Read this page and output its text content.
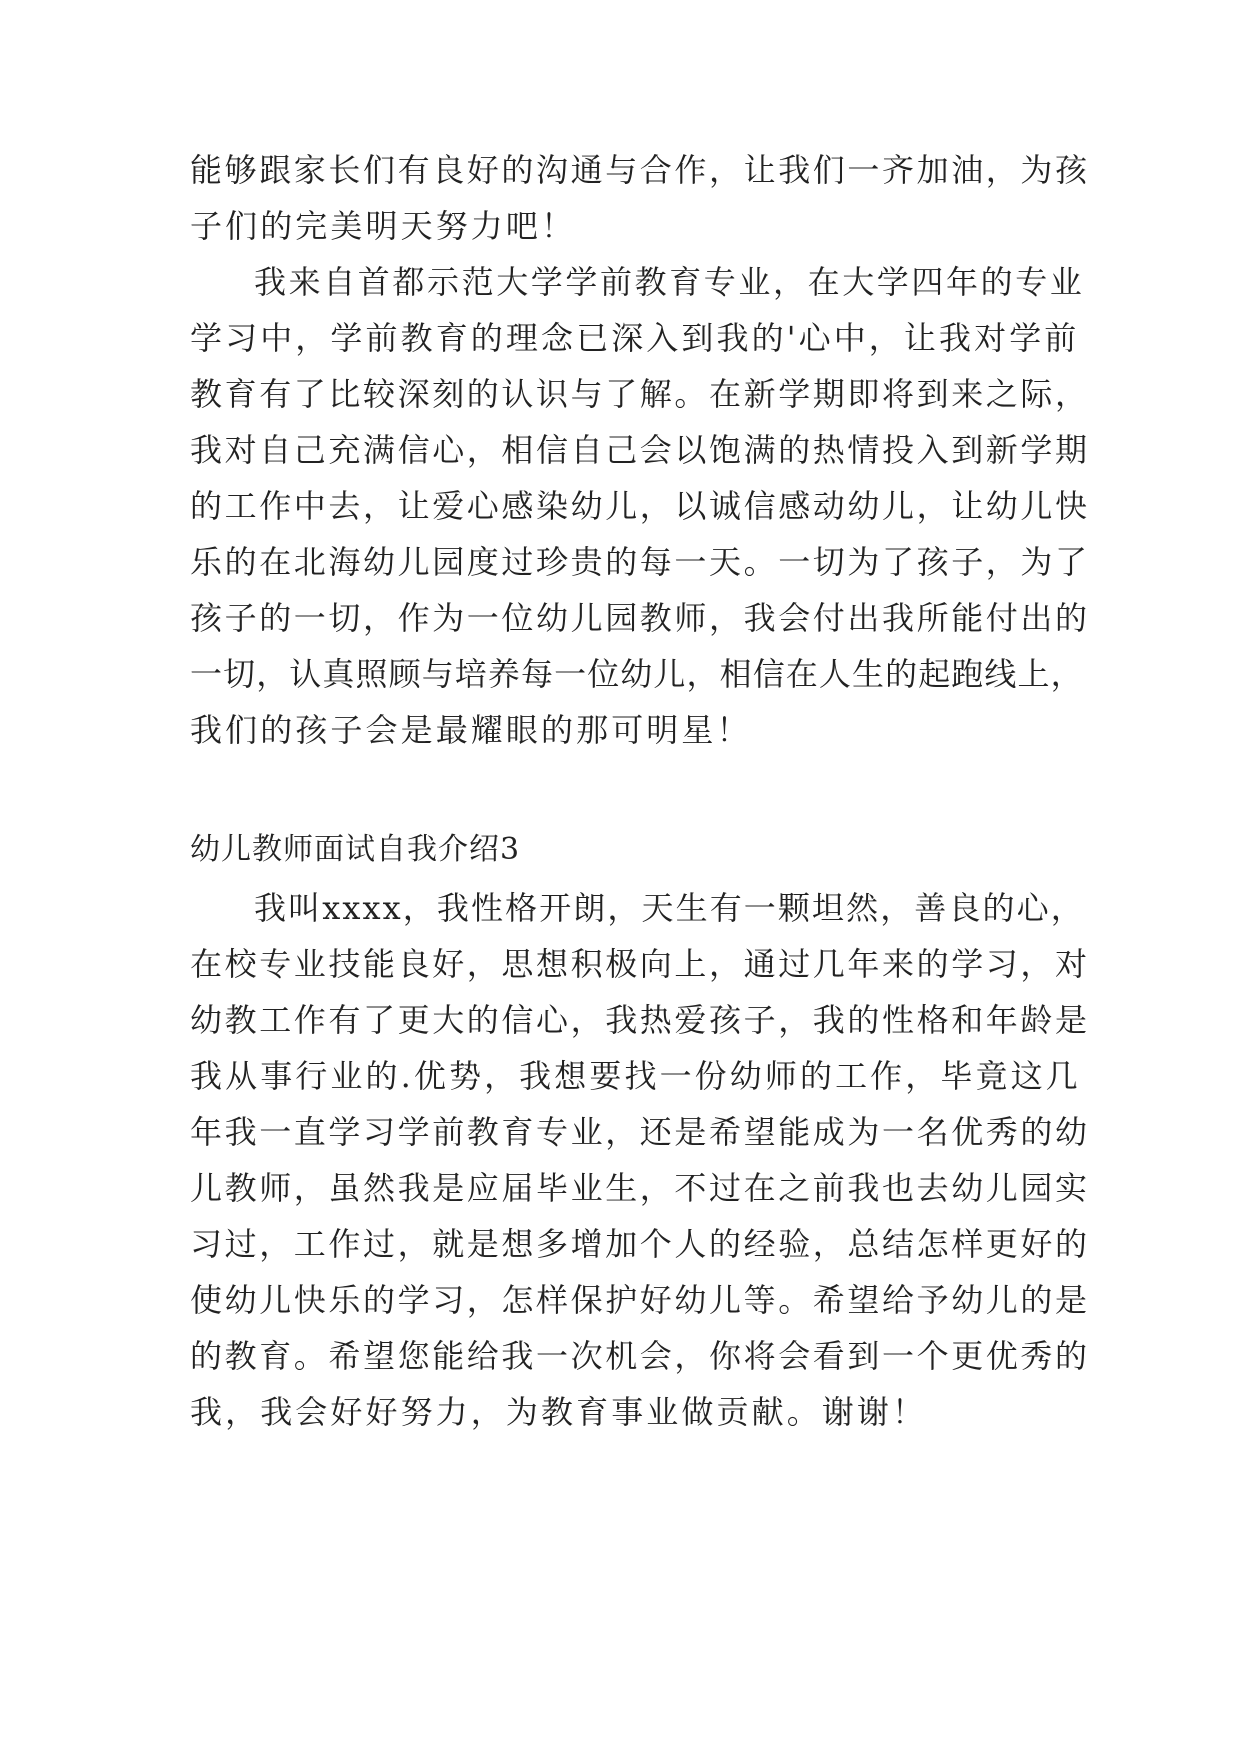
能够跟家长们有良好的沟通与合作，让我们一齐加油，为孩
子们的完美明天努力吧！
我来自首都示范大学学前教育专业，在大学四年的专业
学习中，学前教育的理念已深入到我的'心中，让我对学前
教育有了比较深刻的认识与了解。在新学期即将到来之际，
我对自己充满信心，相信自己会以饱满的热情投入到新学期
的工作中去，让爱心感染幼儿，以诚信感动幼儿，让幼儿快
乐的在北海幼儿园度过珍贵的每一天。一切为了孩子，为了
孩子的一切，作为一位幼儿园教师，我会付出我所能付出的
一切，认真照顾与培养每一位幼儿，相信在人生的起跑线上，
我们的孩子会是最耀眼的那可明星！
幼儿教师面试自我介绍3
我叫xxxx，我性格开朗，天生有一颗坦然，善良的心，
在校专业技能良好，思想积极向上，通过几年来的学习，对
幼教工作有了更大的信心，我热爱孩子，我的性格和年龄是
我从事行业的.优势，我想要找一份幼师的工作，毕竟这几
年我一直学习学前教育专业，还是希望能成为一名优秀的幼
儿教师，虽然我是应届毕业生，不过在之前我也去幼儿园实
习过，工作过，就是想多增加个人的经验，总结怎样更好的
使幼儿快乐的学习，怎样保护好幼儿等。希望给予幼儿的是
的教育。希望您能给我一次机会，你将会看到一个更优秀的
我，我会好好努力，为教育事业做贡献。谢谢！
